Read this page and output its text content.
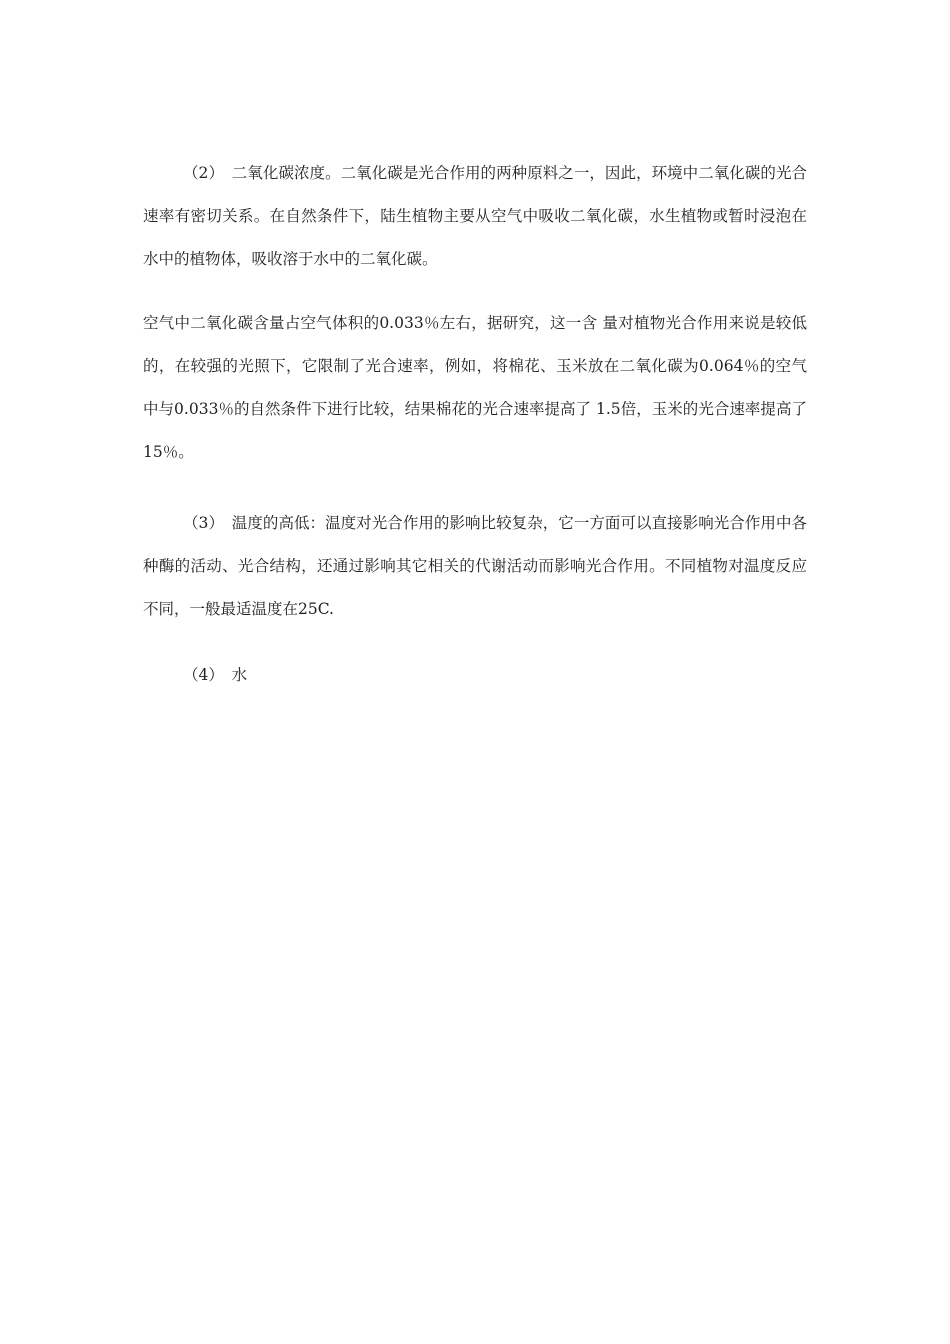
（2）　二氧化碳浓度。二氧化碳是光合作用的两种原料之一，因此，环境中二氧化碳的光合速率有密切关系。在自然条件下，陆生植物主要从空气中吸收二氧化碳，水生植物或暂时浸泡在水中的植物体，吸收溶于水中的二氧化碳。

空气中二氧化碳含量占空气体积的0.033％左右，据研究，这一含 量对植物光合作用来说是较低的，在较强的光照下，它限制了光合速率，例如，将棉花、玉米放在二氧化碳为0.064％的空气中与0.033％的自然条件下进行比较，结果棉花的光合速率提高了 1.5倍，玉米的光合速率提高了15％。

（3）　温度的高低：温度对光合作用的影响比较复杂，它一方面可以直接影响光合作用中各种酶的活动、光合结构，还通过影响其它相关的代谢活动而影响光合作用。不同植物对温度反应不同，一般最适温度在25C.

（4）　水
